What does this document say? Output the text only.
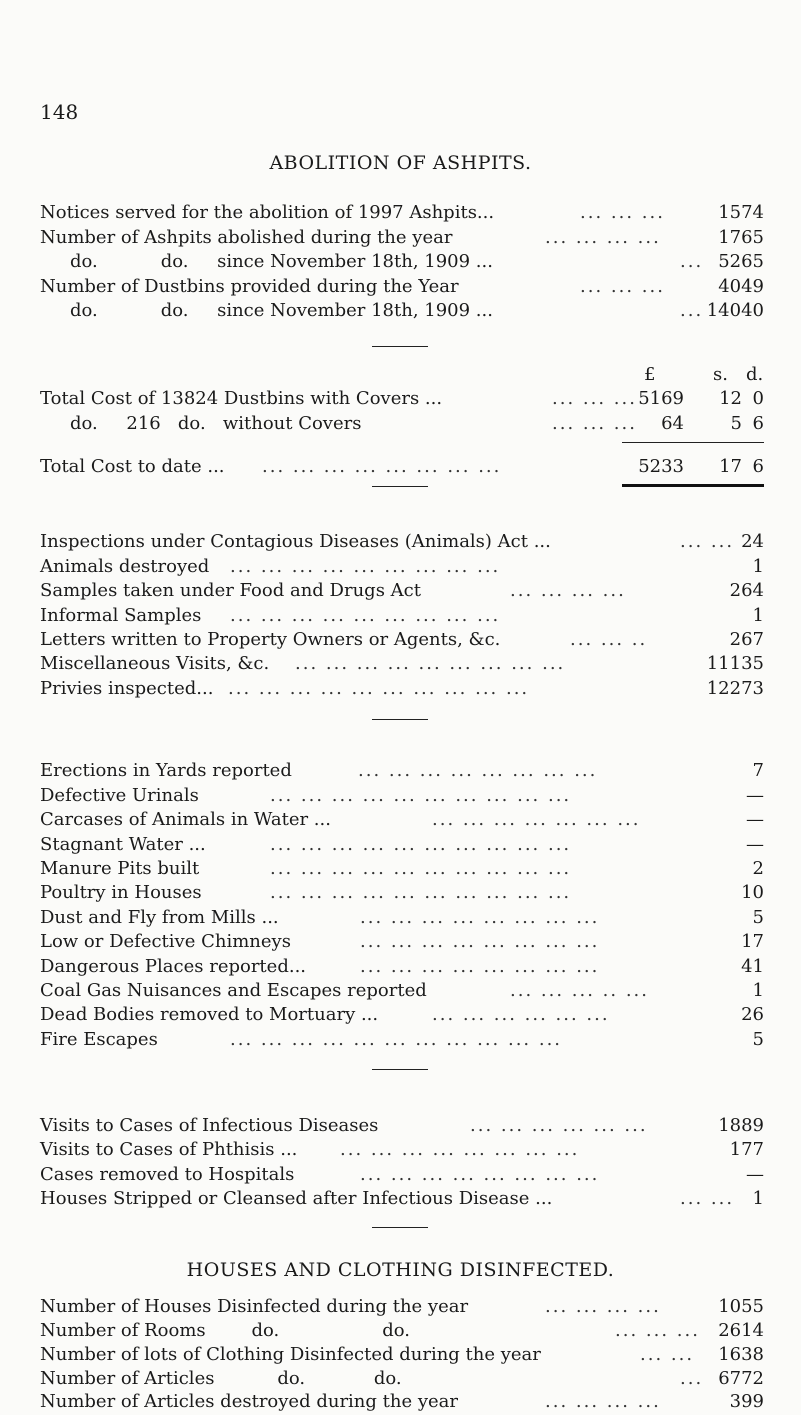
148
ABOLITION OF ASHPITS.
Notices served for the abolition of 1997 Ashpits...	... ... ...	1574
Number of Ashpits abolished during the year	... ... ... ...	1765
do.           do.     since November 18th, 1909 ...	... 5265
Number of Dustbins provided during the Year	... ... ...	4049
do.           do.     since November 18th, 1909 ...	... 14040
£	s. d.
Total Cost of 13824 Dustbins with Covers ...	... ... ... 5169	12 0
do.     216   do.   without Covers	... ... ... 64	5 6
Total Cost to date ... ... ... ... ... ... ... ... ...	5233	17 6
Inspections under Contagious Diseases (Animals) Act ...	... ... 24
Animals destroyed ... ... ... ... ... ... ... ... ...	1
Samples taken under Food and Drugs Act	... ... ... ...	264
Informal Samples ... ... ... ... ... ... ... ... ...	1
Letters written to Property Owners or Agents, &c.	... ... ..	267
Miscellaneous Visits, &c. ... ... ... ... ... ... ... ... ...	11135
Privies inspected... ... ... ... ... ... ... ... ... ... ...	12273
Erections in Yards reported	... ... ... ... ... ... ... ...	7
Defective Urinals	... ... ... ... ... ... ... ... ... ...	—
Carcases of Animals in Water ...	... ... ... ... ... ... ...	—
Stagnant Water ...	... ... ... ... ... ... ... ... ... ...	—
Manure Pits built	... ... ... ... ... ... ... ... ... ...	2
Poultry in Houses	... ... ... ... ... ... ... ... ... ...	10
Dust and Fly from Mills ...	... ... ... ... ... ... ... ...	5
Low or Defective Chimneys	... ... ... ... ... ... ... ...	17
Dangerous Places reported...	... ... ... ... ... ... ... ...	41
Coal Gas Nuisances and Escapes reported	... ... ... .. ...	1
Dead Bodies removed to Mortuary ...	... ... ... ... ... ...	26
Fire Escapes	... ... ... ... ... ... ... ... ... ... ...	5
Visits to Cases of Infectious Diseases	... ... ... ... ... ...	1889
Visits to Cases of Phthisis ... ... ... ... ... ... ... ... ...	177
Cases removed to Hospitals	... ... ... ... ... ... ... ...	—
Houses Stripped or Cleansed after Infectious Disease ...	... ... 1
HOUSES AND CLOTHING DISINFECTED.
Number of Houses Disinfected during the year	... ... ... ...	1055
Number of Rooms        do.                  do.	... ... ... 2614
Number of lots of Clothing Disinfected during the year	... ... 1638
Number of Articles           do.            do.	... 6772
Number of Articles destroyed during the year	... ... ... ...	399
